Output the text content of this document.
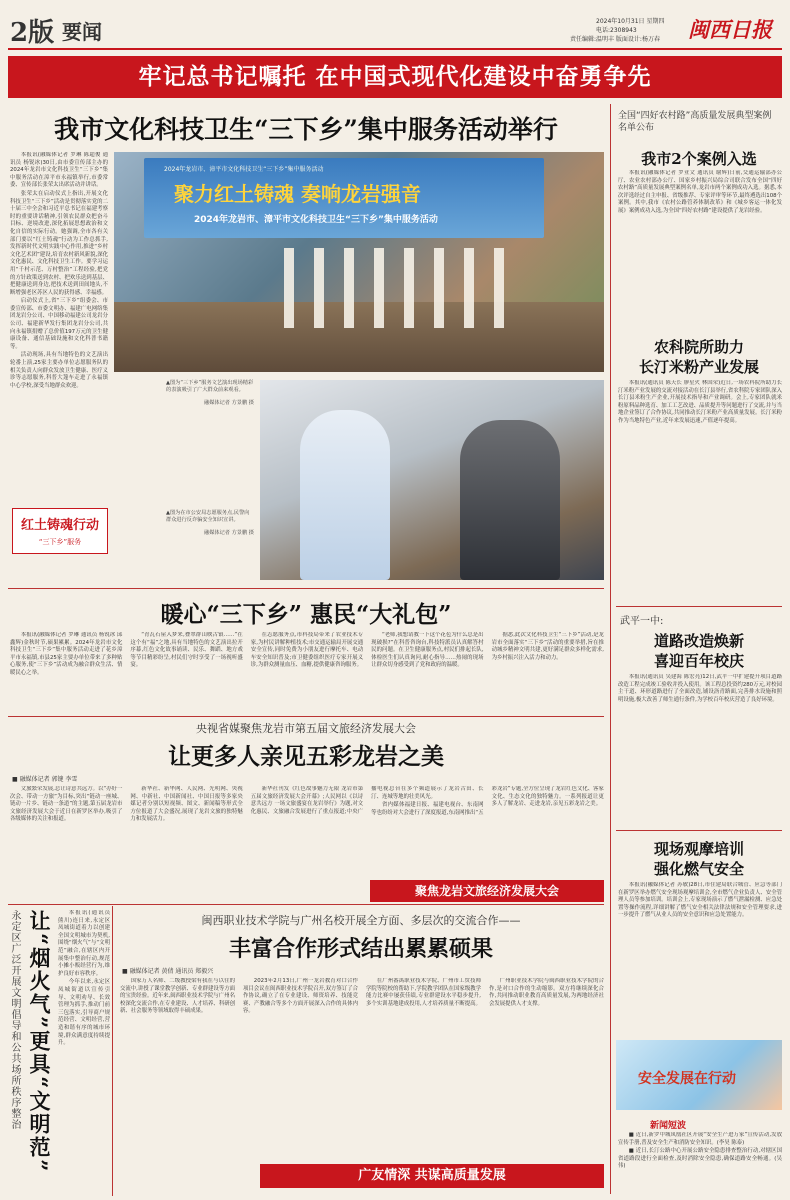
2版 要闻	2024年10月31日 星期四
电话:2308943
责任编辑:温明丰 版面设计:杨万春 闽西日报
牢记总书记嘱托 在中国式现代化建设中奋勇争先
我市文化科技卫生“三下乡”集中服务活动举行

本报讯(融媒体记者 罗琳 陈超俊 通讯员 杨锐冰)30日,由市委宣传部主办的2024年龙岩市文化科技卫生“三下乡”集中服务活动在漳平市永福镇举行,市委常委、宣传部长张荣太出席活动并讲话。

张荣太在启动仪式上指出,开展文化科技卫生“三下乡”活动是贯彻落实党的二十届三中全会和习近平总书记在福建考察时的重要讲话精神,引领农民群众把奋斗目标、逆境改进,深化拓展思想政治和文化自信的实际行动。她强调,全市各有关部门要以“红土铸魂”行动为工作总抓手,发挥新时代文明实践中心作用,推进“乡村文化艺术团”建设,培育农村新风新貌,深化文化惠民、文化科技卫生工作。要学习运用“千村示范、万村整治”工程经验,把党的方针政策送到农村、把欢乐送到基层、把健康送到身边,把技术送到田间地头,不断增强老区苏区人民的获得感、幸福感。

启动仪式上,省“三下乡”组委会、市委宣传部、市委文明办、福建广电网络集团龙岩分公司、中国移动福建公司龙岩分公司、福建新华发行集团龙岩分公司,共向永福镇捐赠了总价值197万元的卫生健康设备、通信基础设施和文化科普书籍等。

活动现场,具有当地特色的文艺演出轮番上演,25家主要办单位志愿服务队的相关负责人向群众发放卫生健康、医疗义诊等志愿服务,科普大篷车走进了永福镇中心学校,深受当地群众欢迎。

红土铸魂行动
“三下乡”服务
2024年龙岩市、漳平市文化科技卫生“三下乡”集中服务活动
聚力红土铸魂 奏响龙岩强音
2024年龙岩市、漳平市文化科技卫生“三下乡”集中服务活动
▲图为“三下乡”服务文艺演出现场精彩的表演吸引了广大群众前来观看。
融媒体记者 方景鹏 摄
▲图为在市公安局志愿服务点,民警向群众进行反诈骗安全知识宣讲。
融媒体记者 方景鹏 摄
暖心“三下乡” 惠民“大礼包”

本报讯(融媒体记者 罗琳 通讯员 杨锐冰 邱鑫辉)金秋时节,硕果累累。2024年龙岩市文化科技卫生“三下乡”集中服务活动走进了花乡漳平市永福镇,市县25家主要办单位带来了多种贴心服务,使“三下乡”活动成为融合群众生活、情暖民心之举。

“青瓦石屋入梦来,叠翠群山映古镇……”在这个有“福”之地,具有当地特色的文艺演出拉开序幕,红色文化故事诵读、民乐、舞蹈、地方戏等节目精彩纷呈,村民们守时享受了一场视听盛宴。

在志愿服务点,市科技局带来了农业技术专家,为村民讲解种植技术;市交通运输局开展交通安全宣传,同时免费为小朋友进行摩托车、电动车安全知识普及;市卫健委组织医疗专家开展义诊,为群众测量血压、血糖,提供健康咨询服务。

“老师,我想请教一下这个花苞为什么总是出现破损?”在科普咨询台,科技特派员认真解答村民的问题。在卫生健康服务点,村民们排起长队,体检医生们认真询问,耐心指导……热闹的现场让群众切身感受到了党和政府的温暖。

据悉,此次文化科技卫生“三下乡”活动,是龙岩市全面落实“三下乡”活动的重要举措,旨在推动城乡精神文明共建,更好满足群众多样化需求,为乡村振兴注入活力和动力。

央视省媒聚焦龙岩市第五届文旅经济发展大会
让更多人亲见五彩龙岩之美
■ 融媒体记者 郭键 李雪

文旅繁荣发展,总让诗意共远方。以“办好一次会、带动一方旅”为目标,突出“链动一座城、链动一片乡、链动一条道”的主题,第五届龙岩市文旅经济发展大会于近日在新罗区举办,吸引了各级媒体的关注和报道。

新华社、新华网、人民网、光明网、央视网、中新社、中国新闻社、中国日报等多家央媒记者分别以短视频、图文、新闻稿等形式全方位报道了大会盛况,展现了龙岩文旅的独特魅力和发展活力。

新华社刊发《红色故事魅力无限 龙岩市第五届文旅经济发展大会开幕》;人民网以《以诗意共远方 一场文旅盛宴在龙岩举行》为题,对文化惠民、文旅融合发展进行了重点报道;中央广播电视总台在多个频道展示了龙岩古田、长汀、连城等地的壮美风光。

省内媒体福建日报、福建电视台、东南网等也纷纷对大会进行了深度报道,东南网推出“五彩龙岩”专题,全方位呈现了龙岩红色文化、客家文化、生态文化的独特魅力。一系列报道让更多人了解龙岩、走进龙岩,亲见五彩龙岩之美。

聚焦龙岩文旅经济发展大会
永定区广泛开展文明倡导和公共场所秩序整治 让“烟火气”更具“文明范”	本报讯(通讯员 熊川)连日来,永定区凤城街道着力以创建全国文明城市为契机,围绕“烟火气”与“文明范”融合,在辖区内开展集中整治行动,规范小摊小贩经营行为,维护良好市容秩序。

今年以来,永定区凤城街道以宣传引导、文明劝导、长效管理为抓手,推动门前三包落实,引导商户规范经营、文明经营,营造和谐有序的城市环境,群众满意度持续提升。

闽西职业技术学院与广州名校开展全方面、多层次的交流合作——
丰富合作形式结出累累硕果
■ 融媒体记者 黄倩 通讯员 郑毅兴

国家万人名师、二级教授梁有我在与以往的交流中,讲授了课堂教学创新、专业群建设等方面的宝贵经验。近年来,闽西职业技术学院与广州名校深化交流合作,在专业建设、人才培养、科研创新、社会服务等领域取得丰硕成果。

2023年2月13日,广州一龙岩教育对口合作项目会议在闽西职业技术学院召开,双方签订了合作协议,确立了在专业建设、师资培养、技能竞赛、产教融合等多个方面开展深入合作的具体内容。

在广州番禺职业技术学院、广州市工贸技师学院等院校的帮助下,学院教学团队在国家级教学能力比赛中屡获佳绩,专业群建设水平稳步提升,多个实训基地建成投用,人才培养质量不断提高。

广州职业技术学院与闽西职业技术学院的合作,是对口合作的生动缩影。双方将继续深化合作,共同推动职业教育高质量发展,为两地经济社会发展提供人才支撑。

广友情深 共谋高质量发展
全国“四好农村路”高质量发展典型案例名单公布
我市2个案例入选

本报讯(融媒体记者 罗亚文 通讯员 谢辉)日前,交通运输部办公厅、农业农村部办公厅、国家乡村振兴局综合司联合发布全国“四好农村路”高质量发展典型案例名单,龙岩市两个案例成功入选。据悉,本次评选经过自主申报、省级推荐、专家评审等环节,最终遴选出108个案例。其中,我市《农村公路管养体制改革》和《城乡客运一体化发展》案例成功入选,为全国“四好农村路”建设提供了龙岩经验。

农科院所助力
长汀米粉产业发展

本报讯(通讯员 陈天长 廖星火 林国荣)近日,一场农科院所助力长汀米粉产业发展的交流对接活动在长汀县举行,省农科院专家团队深入长汀县米粉生产企业,开展技术指导和产业调研。会上,专家团队就米粉原料品种选育、加工工艺改进、品质提升等问题进行了交流,并与当地企业签订了合作协议,共同推动长汀米粉产业高质量发展。长汀米粉作为当地特色产业,近年来发展迅速,产值逐年提高。

武平一中:
道路改造焕新
喜迎百年校庆

本报讯(通讯员 吴建海 陈宏亮)12日,武平一中扩建提升项目道路改造工程完成竣工验收并投入使用。该工程总投资约280万元,对校园主干道、环形道路进行了全面改造,铺设沥青路面,完善排水设施和照明设施,极大改善了师生通行条件,为学校百年校庆营造了良好环境。

现场观摩培训
强化燃气安全

本报讯(融媒体记者 苏敏)28日,市住建局联合城管、应急等部门在新罗区举办燃气安全现场观摩培训会,全市燃气企业负责人、安全管理人员等参加培训。培训会上,专家现场演示了燃气泄漏检测、应急处置等操作流程,详细讲解了燃气安全相关法律法规和安全管理要求,进一步提升了燃气从业人员的安全意识和应急处置能力。

安全发展在行动
新闻短波

■ 近日,新罗中城凤凰社区开展“安全生产进万家”宣传活动,发放宣传手册,普及安全生产和消防安全知识。(李昊 陈泰)

■ 近日,长汀公路中心开展公路安全隐患排查整治行动,对辖区国省道路段进行全面检查,及时消除安全隐患,确保道路安全畅通。(吴 伟)
